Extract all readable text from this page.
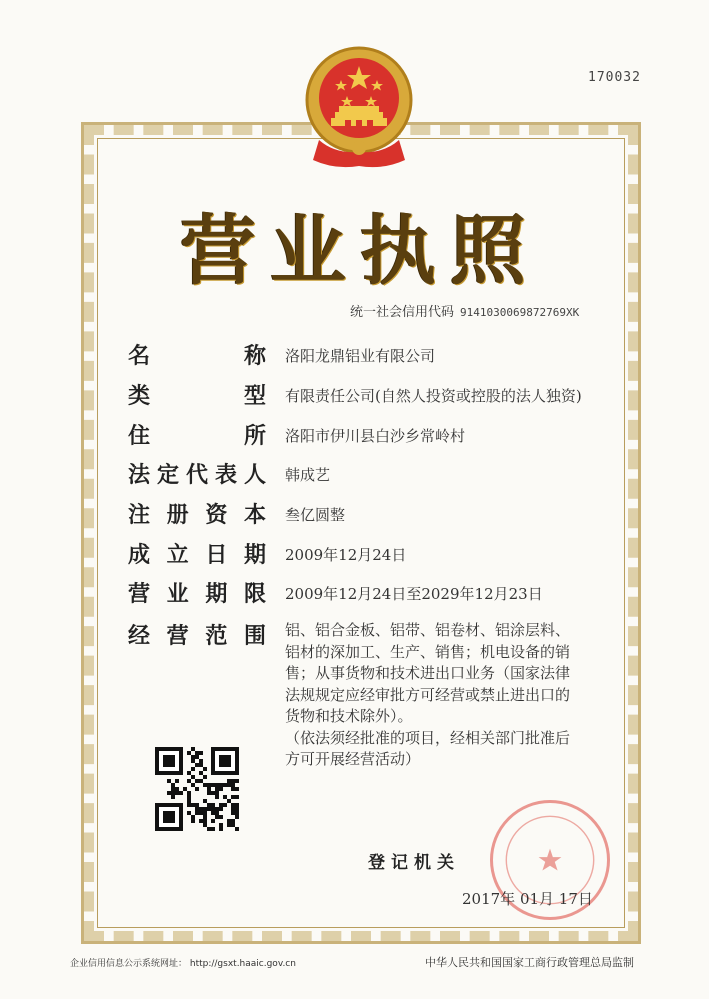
170032
营业执照
统一社会信用代码 9141030069872769XK
名	称 洛阳龙鼎铝业有限公司
类	型 有限责任公司(自然人投资或控股的法人独资)
住	所 洛阳市伊川县白沙乡常岭村
法 定 代 表 人 韩成艺
注 册 资 本 叁亿圆整
成 立 日 期 2009年12月24日
营 业 期 限 2009年12月24日至2029年12月23日
经 营 范 围 铝、铝合金板、铝带、铝卷材、铝涂层料、

铝材的深加工、生产、销售；机电设备的销

售；从事货物和技术进出口业务（国家法律

法规规定应经审批方可经营或禁止进出口的

货物和技术除外）。

（依法须经批准的项目，经相关部门批准后

方可开展经营活动）

登记机关
2017年 01月 17日
企业信用信息公示系统网址： http://gsxt.haaic.gov.cn	中华人民共和国国家工商行政管理总局监制
